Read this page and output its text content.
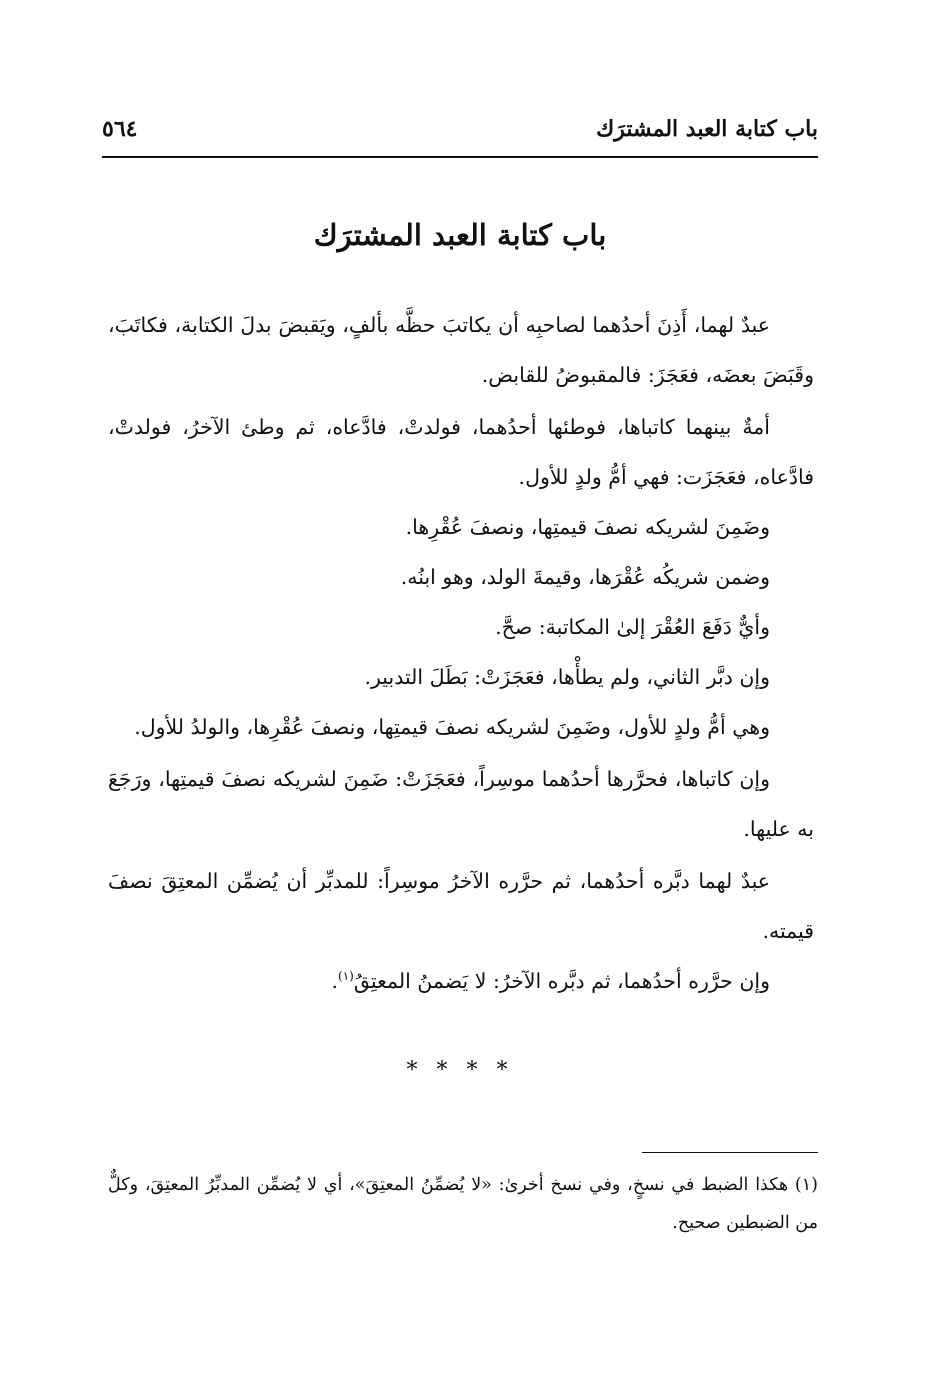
باب كتابة العبد المشترَك
٥٦٤
باب كتابة العبد المشترَك

عبدٌ لهما، أَذِنَ أحدُهما لصاحبِه أن يكاتبَ حظَّه بألفٍ، ويَقبضَ بدلَ الكتابة، فكاتَبَ، وقَبَضَ بعضَه، فعَجَزَ: فالمقبوضُ للقابض.

أمةٌ بينهما كاتباها، فوطئها أحدُهما، فولدتْ، فادَّعاه، ثم وطئ الآخرُ، فولدتْ، فادَّعاه، فعَجَزَت: فهي أمُّ ولدٍ للأول.

وضَمِنَ لشريكه نصفَ قيمتِها، ونصفَ عُقْرِها.

وضمن شريكُه عُقْرَها، وقيمةَ الولد، وهو ابنُه.

وأيٌّ دَفَعَ العُقْرَ إلىٰ المكاتبة: صحَّ.

وإن دبَّر الثاني، ولم يطأْها، فعَجَزَتْ: بَطَلَ التدبير.

وهي أمُّ ولدٍ للأول، وضَمِنَ لشريكه نصفَ قيمتِها، ونصفَ عُقْرِها، والولدُ للأول.

وإن كاتباها، فحرَّرها أحدُهما موسِراً، فعَجَزَتْ: ضَمِنَ لشريكه نصفَ قيمتِها، ورَجَعَ به عليها.

عبدٌ لهما دبَّره أحدُهما، ثم حرَّره الآخرُ موسِراً: للمدبِّر أن يُضمِّن المعتِقَ نصفَ قيمته.

وإن حرَّره أحدُهما، ثم دبَّره الآخرُ: لا يَضمنُ المعتِقُ$^{(١)}$.

* * * *
(١) هكذا الضبط في نسخٍ، وفي نسخ أخرىٰ: «لا يُضمِّنُ المعتِقَ»، أي لا يُضمِّن المدبِّرُ المعتِقَ، وكلٌّ من الضبطين صحيح.
